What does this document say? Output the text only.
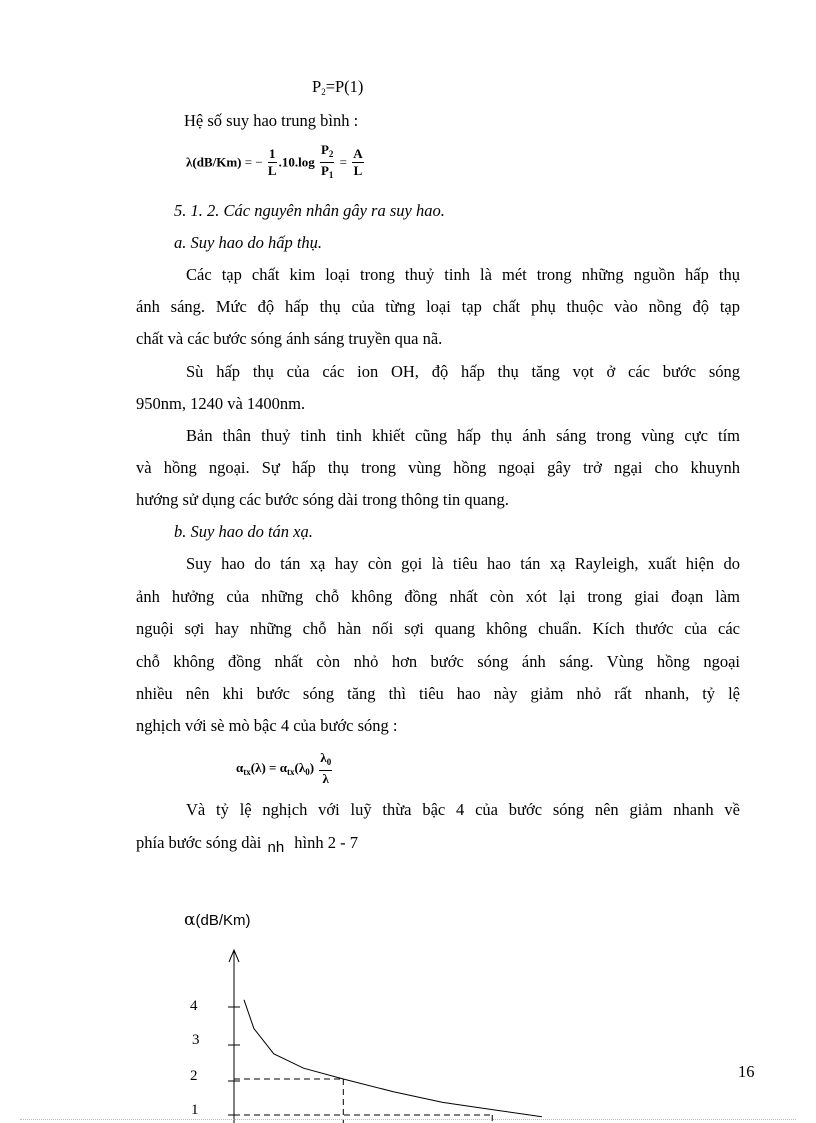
$P_2=P(1)$
Hệ số suy hao trung bình :
λ(dB/Km) = − $\frac{1}{L} .10.\log \frac{P_2}{P_1} = \frac{A}{L}$
5. 1. 2. Các nguyên nhân gây ra suy hao.
a. Suy hao do hấp thụ.
Các tạp chất kim loại trong thuỷ tinh là mét trong những nguồn hấp thụ
ánh sáng. Mức độ hấp thụ của từng loại tạp chất phụ thuộc vào nồng độ tạp
chất và các bước sóng ánh sáng truyền qua nã.
Sù hấp thụ của các ion OH, độ hấp thụ tăng vọt ở các bước sóng
950nm, 1240 và 1400nm.
Bản thân thuỷ tinh tinh khiết cũng hấp thụ ánh sáng trong vùng cực tím
và hồng ngoại. Sự hấp thụ trong vùng hồng ngoại gây trở ngại cho khuynh
hướng sử dụng các bước sóng dài trong thông tin quang.
b. Suy hao do tán xạ.
Suy hao do tán xạ hay còn gọi là tiêu hao tán xạ Rayleigh, xuất hiện do
ảnh hưởng của những chỗ không đồng nhất còn xót lại trong giai đoạn làm
nguội sợi hay những chỗ hàn nối sợi quang không chuẩn. Kích thước của các
chỗ không đồng nhất còn nhỏ hơn bước sóng ánh sáng. Vùng hồng ngoại
nhiều nên khi bước sóng tăng thì tiêu hao này giảm nhỏ rất nhanh, tỷ lệ
nghịch với sè mò bậc 4 của bước sóng :
$\alpha_{tx}(\lambda) = \alpha_{tx}(\lambda_0) \frac{\lambda_0}{\lambda}$
Và tỷ lệ nghịch với luỹ thừa bậc 4 của bước sóng nên giảm nhanh về
phía bước sóng dài nh hình 2 - 7
α(dB/Km)
4
3
2
1
16
